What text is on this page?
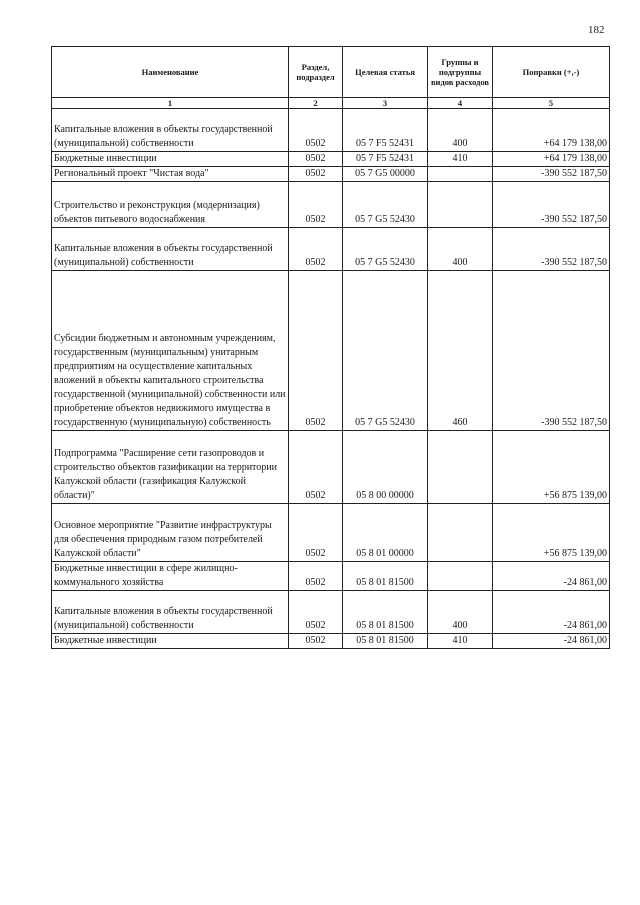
182
Наименование	Раздел, подраздел	Целевая статья	Группы и подгруппы видов расходов	Поправки (+,-)
1	2	3	4	5
Капитальные вложения в объекты государственной (муниципальной) собственности	0502	05 7 F5 52431	400	+64 179 138,00
Бюджетные инвестиции	0502	05 7 F5 52431	410	+64 179 138,00
Региональный проект "Чистая вода"	0502	05 7 G5 00000		-390 552 187,50
Строительство и реконструкция (модернизация) объектов питьевого водоснабжения	0502	05 7 G5 52430		-390 552 187,50
Капитальные вложения в объекты государственной (муниципальной) собственности	0502	05 7 G5 52430	400	-390 552 187,50
Субсидии бюджетным и автономным учреждениям, государственным (муниципальным) унитарным предприятиям на осуществление капитальных вложений в объекты капитального строительства государственной (муниципальной) собственности или приобретение объектов недвижимого имущества в государственную (муниципальную) собственность	0502	05 7 G5 52430	460	-390 552 187,50
Подпрограмма "Расширение сети газопроводов и строительство объектов газификации на территории Калужской области (газификация Калужской области)"	0502	05 8 00 00000		+56 875 139,00
Основное мероприятие "Развитие инфраструктуры для обеспечения природным газом потребителей Калужской области"	0502	05 8 01 00000		+56 875 139,00
Бюджетные инвестиции в сфере жилищно-коммунального хозяйства	0502	05 8 01 81500		-24 861,00
Капитальные вложения в объекты государственной (муниципальной) собственности	0502	05 8 01 81500	400	-24 861,00
Бюджетные инвестиции	0502	05 8 01 81500	410	-24 861,00
